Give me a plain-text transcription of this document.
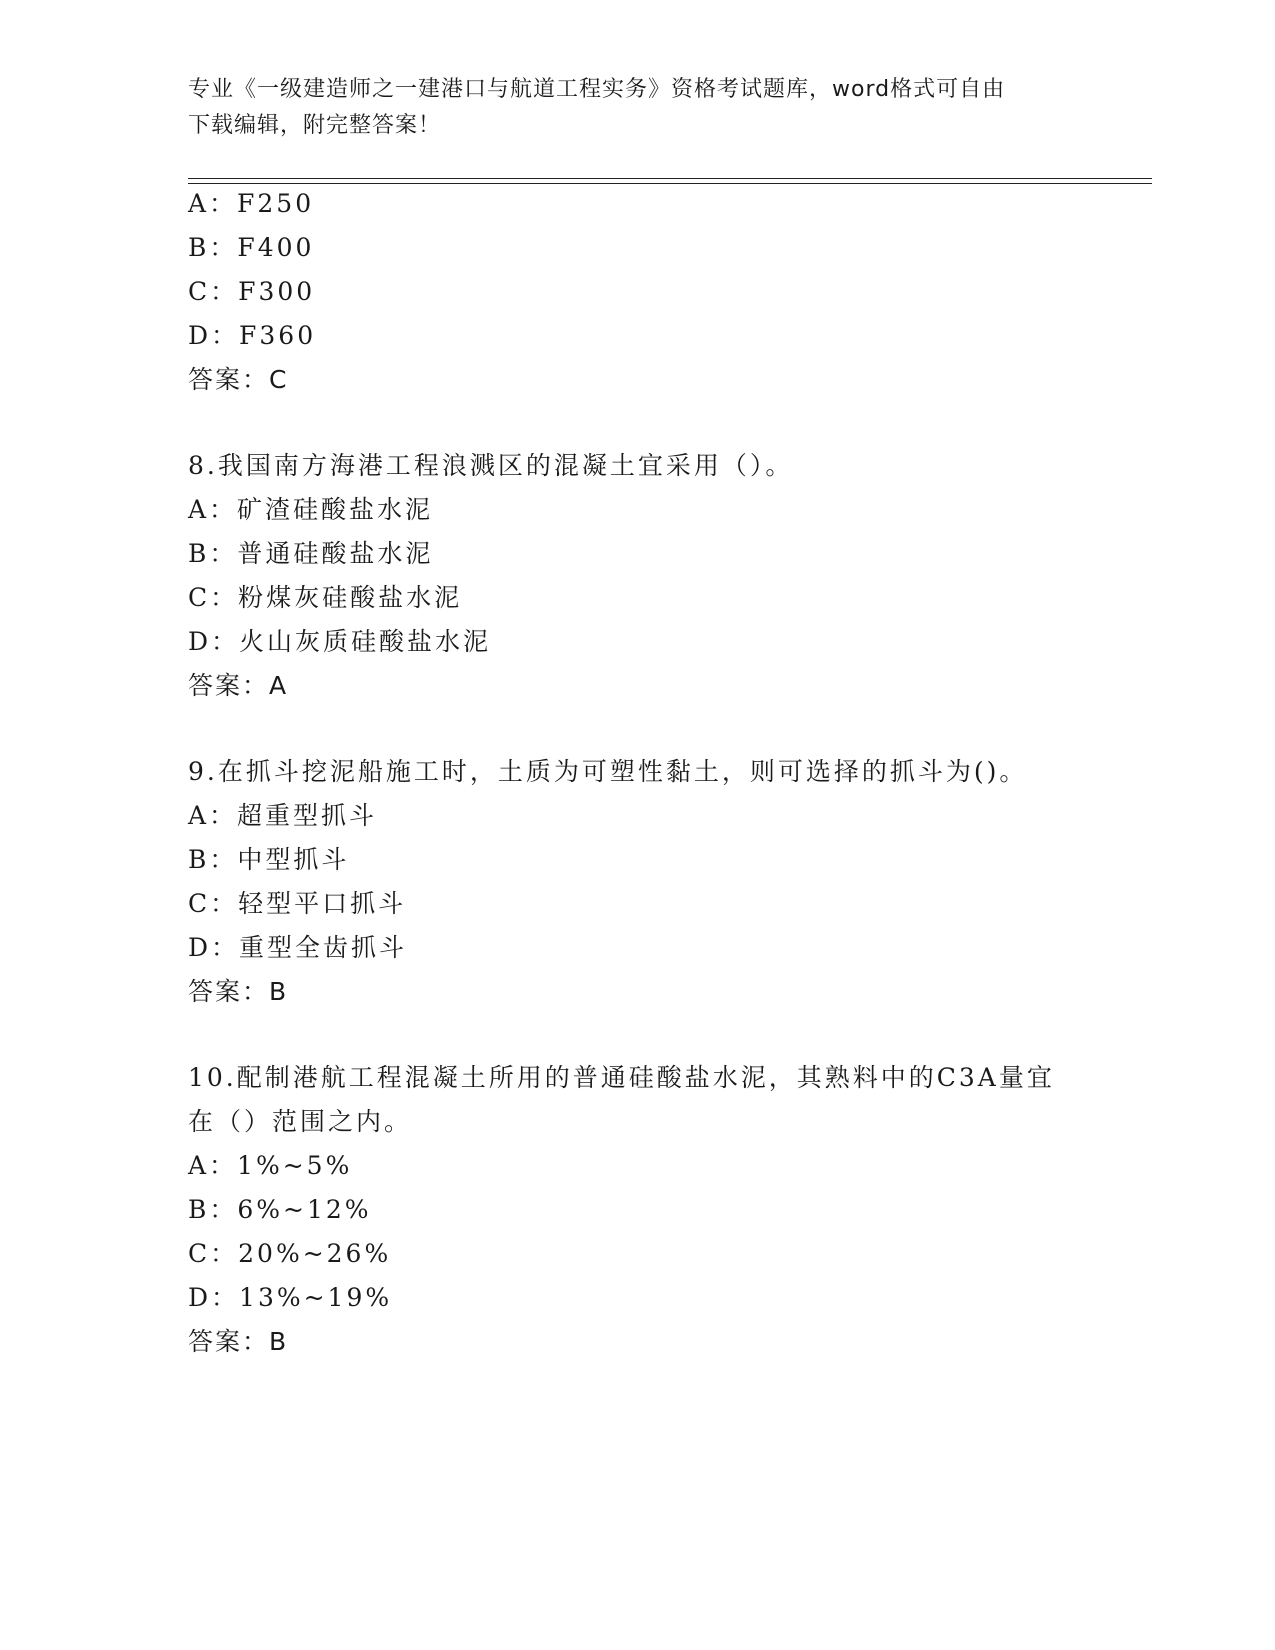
专业《一级建造师之一建港口与航道工程实务》资格考试题库，word格式可自由
下载编辑，附完整答案！
A：F250
B：F400
C：F300
D：F360
答案：C
8.我国南方海港工程浪溅区的混凝土宜采用（）。
A：矿渣硅酸盐水泥
B：普通硅酸盐水泥
C：粉煤灰硅酸盐水泥
D：火山灰质硅酸盐水泥
答案：A
9.在抓斗挖泥船施工时，土质为可塑性黏土，则可选择的抓斗为()。
A：超重型抓斗
B：中型抓斗
C：轻型平口抓斗
D：重型全齿抓斗
答案：B
10.配制港航工程混凝土所用的普通硅酸盐水泥，其熟料中的C3A量宜
在（）范围之内。
A：1%~5%
B：6%~12%
C：20%~26%
D：13%~19%
答案：B
